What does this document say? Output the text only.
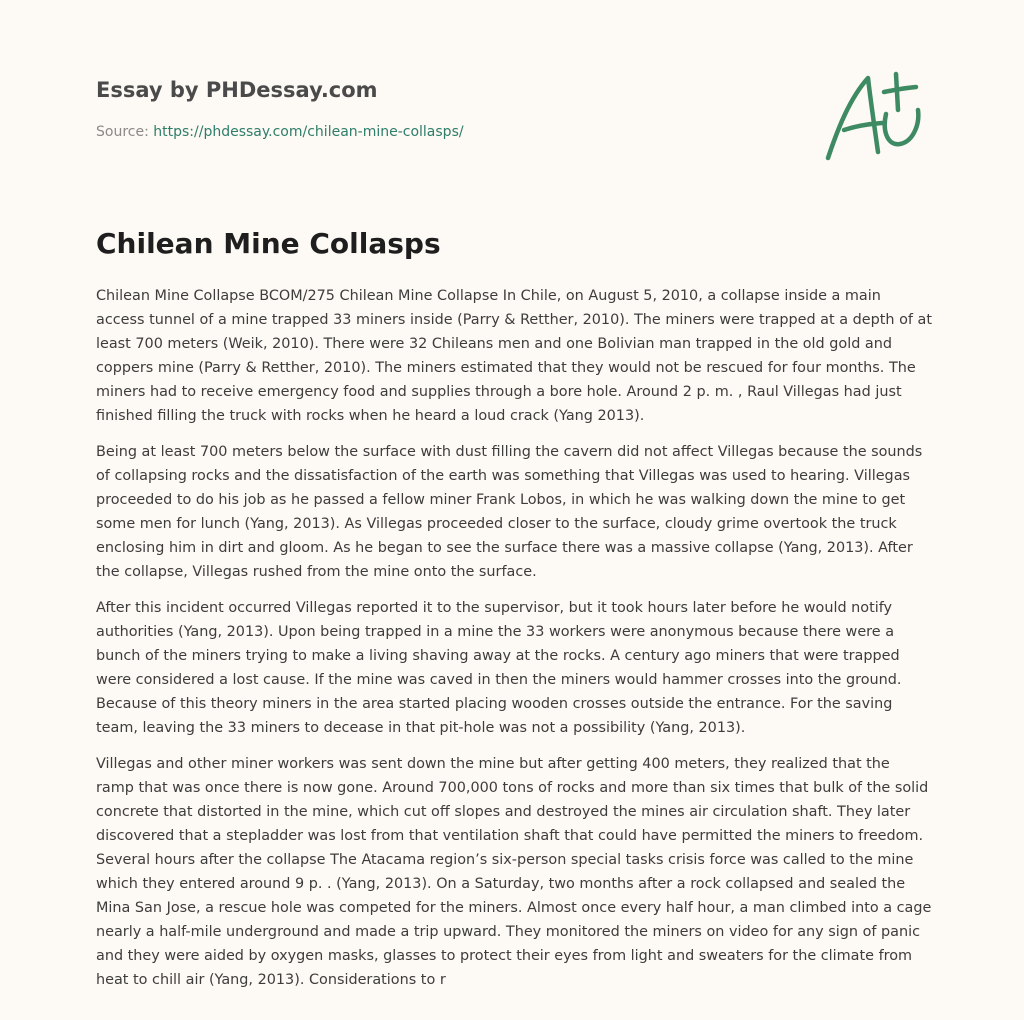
Essay by PHDessay.com
Source: https://phdessay.com/chilean-mine-collasps/
Chilean Mine Collasps

Chilean Mine Collapse BCOM/275 Chilean Mine Collapse In Chile, on August 5, 2010, a collapse inside a main access tunnel of a mine trapped 33 miners inside (Parry & Retther, 2010). The miners were trapped at a depth of at least 700 meters (Weik, 2010). There were 32 Chileans men and one Bolivian man trapped in the old gold and coppers mine (Parry & Retther, 2010). The miners estimated that they would not be rescued for four months. The miners had to receive emergency food and supplies through a bore hole. Around 2 p. m. , Raul Villegas had just finished filling the truck with rocks when he heard a loud crack (Yang 2013).

Being at least 700 meters below the surface with dust filling the cavern did not affect Villegas because the sounds of collapsing rocks and the dissatisfaction of the earth was something that Villegas was used to hearing. Villegas proceeded to do his job as he passed a fellow miner Frank Lobos, in which he was walking down the mine to get some men for lunch (Yang, 2013). As Villegas proceeded closer to the surface, cloudy grime overtook the truck enclosing him in dirt and gloom. As he began to see the surface there was a massive collapse (Yang, 2013). After the collapse, Villegas rushed from the mine onto the surface.

After this incident occurred Villegas reported it to the supervisor, but it took hours later before he would notify authorities (Yang, 2013). Upon being trapped in a mine the 33 workers were anonymous because there were a bunch of the miners trying to make a living shaving away at the rocks. A century ago miners that were trapped were considered a lost cause. If the mine was caved in then the miners would hammer crosses into the ground. Because of this theory miners in the area started placing wooden crosses outside the entrance. For the saving team, leaving the 33 miners to decease in that pit-hole was not a possibility (Yang, 2013).

Villegas and other miner workers was sent down the mine but after getting 400 meters, they realized that the ramp that was once there is now gone. Around 700,000 tons of rocks and more than six times that bulk of the solid concrete that distorted in the mine, which cut off slopes and destroyed the mines air circulation shaft. They later discovered that a stepladder was lost from that ventilation shaft that could have permitted the miners to freedom. Several hours after the collapse The Atacama region’s six-person special tasks crisis force was called to the mine which they entered around 9 p. . (Yang, 2013). On a Saturday, two months after a rock collapsed and sealed the Mina San Jose, a rescue hole was competed for the miners. Almost once every half hour, a man climbed into a cage nearly a half-mile underground and made a trip upward. They monitored the miners on video for any sign of panic and they were aided by oxygen masks, glasses to protect their eyes from light and sweaters for the climate from heat to chill air (Yang, 2013). Considerations to r
